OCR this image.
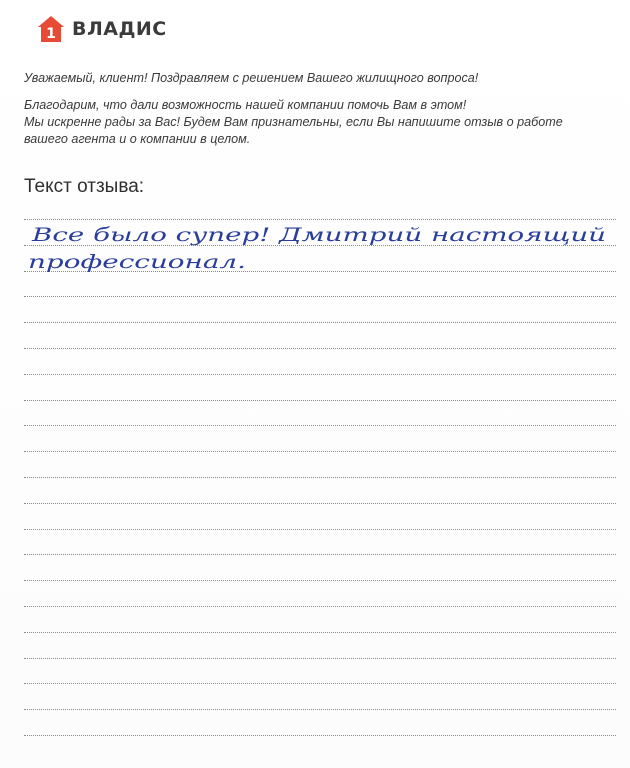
1 ВЛАДИС

Уважаемый, клиент! Поздравляем с решением Вашего жилищного вопроса!

Благодарим, что дали возможность нашей компании помочь Вам в этом!
Мы искренне рады за Вас! Будем Вам признательны, если Вы напишите отзыв о работе
вашего агента и о компании в целом.
Текст отзыва:
Все было супер! Дмитрий настоящий
профессионал.
